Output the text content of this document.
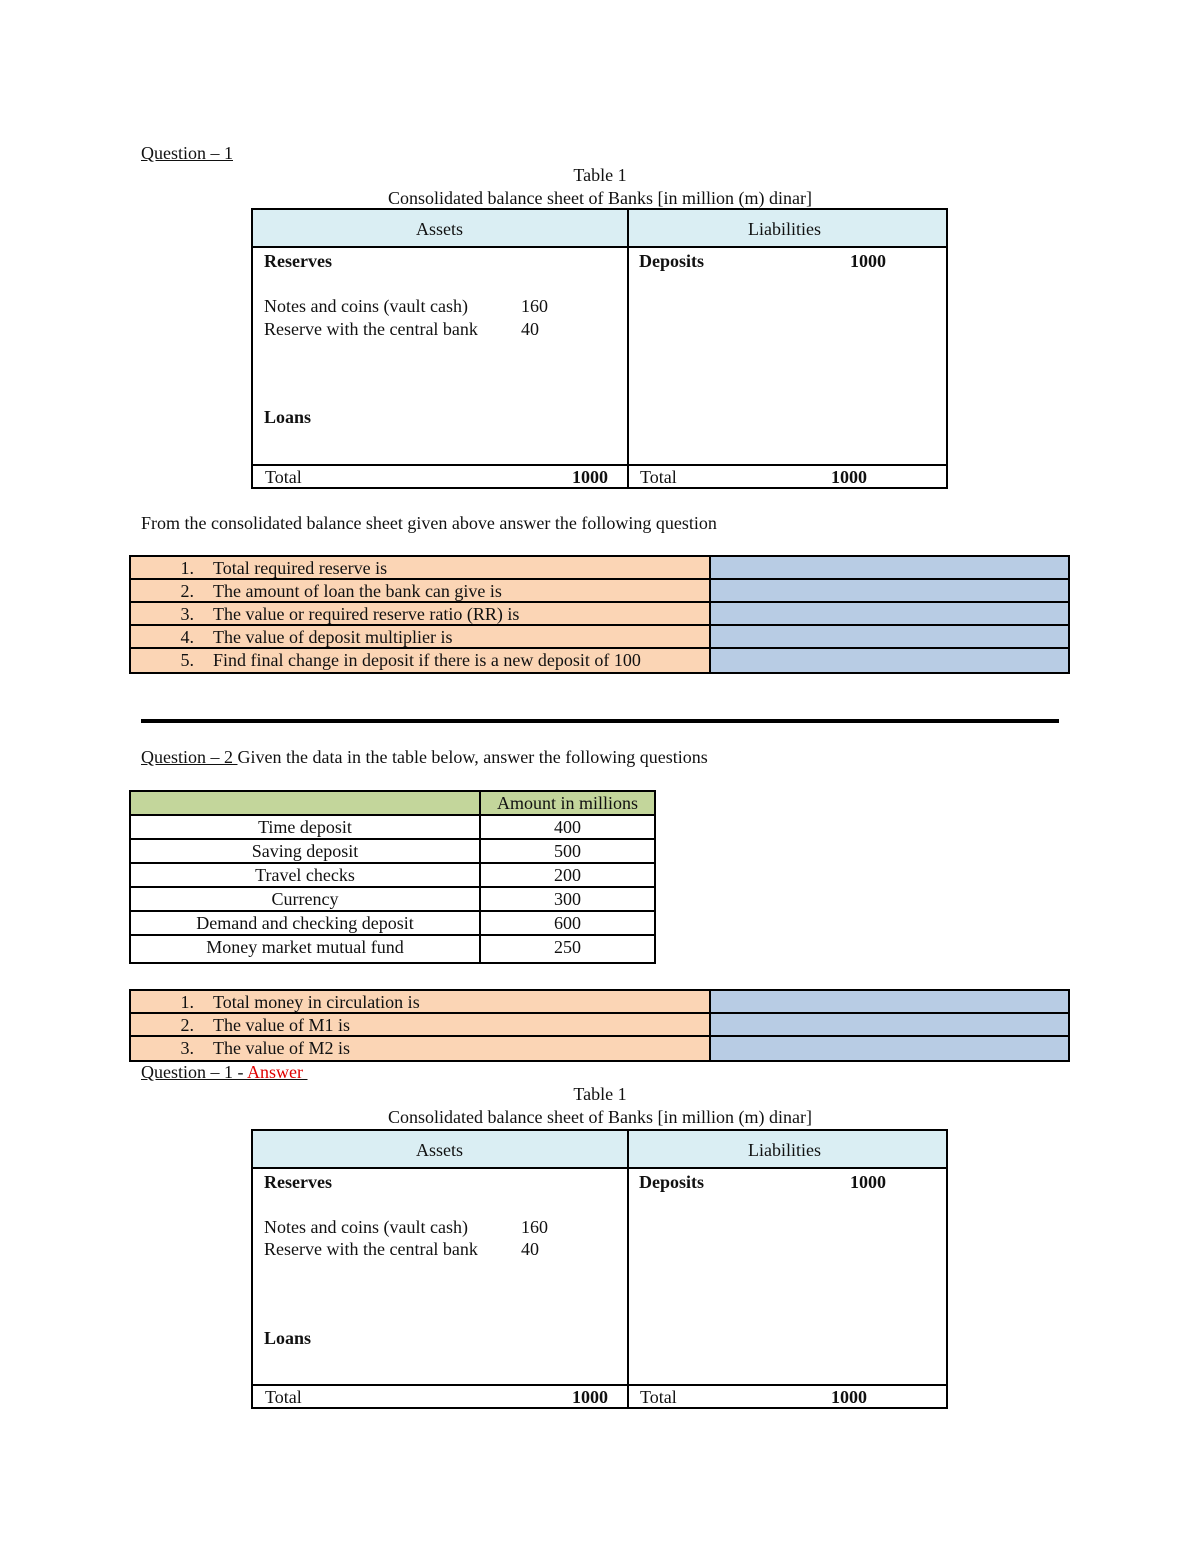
Question – 1
Table 1
Consolidated balance sheet of Banks [in million (m) dinar]
Assets	Liabilities
Reserves
Notes and coins (vault cash)	160
Reserve with the central bank 40
Loans
Deposits	1000
Total	1000 Total	1000
From the consolidated balance sheet given above answer the following question
1. Total required reserve is
2. The amount of loan the bank can give is
3. The value or required reserve ratio (RR) is
4. The value of deposit multiplier is
5. Find final change in deposit if there is a new deposit of 100
Question – 2 Given the data in the table below, answer the following questions
Amount in millions
Time deposit	400
Saving deposit	500
Travel checks	200
Currency	300
Demand and checking deposit	600
Money market mutual fund	250
1. Total money in circulation is
2. The value of M1 is
3. The value of M2 is
Question – 1 - Answer
Table 1
Consolidated balance sheet of Banks [in million (m) dinar]
Assets	Liabilities
Reserves
Notes and coins (vault cash)	160
Reserve with the central bank 40
Loans
Deposits	1000
Total	1000 Total	1000
